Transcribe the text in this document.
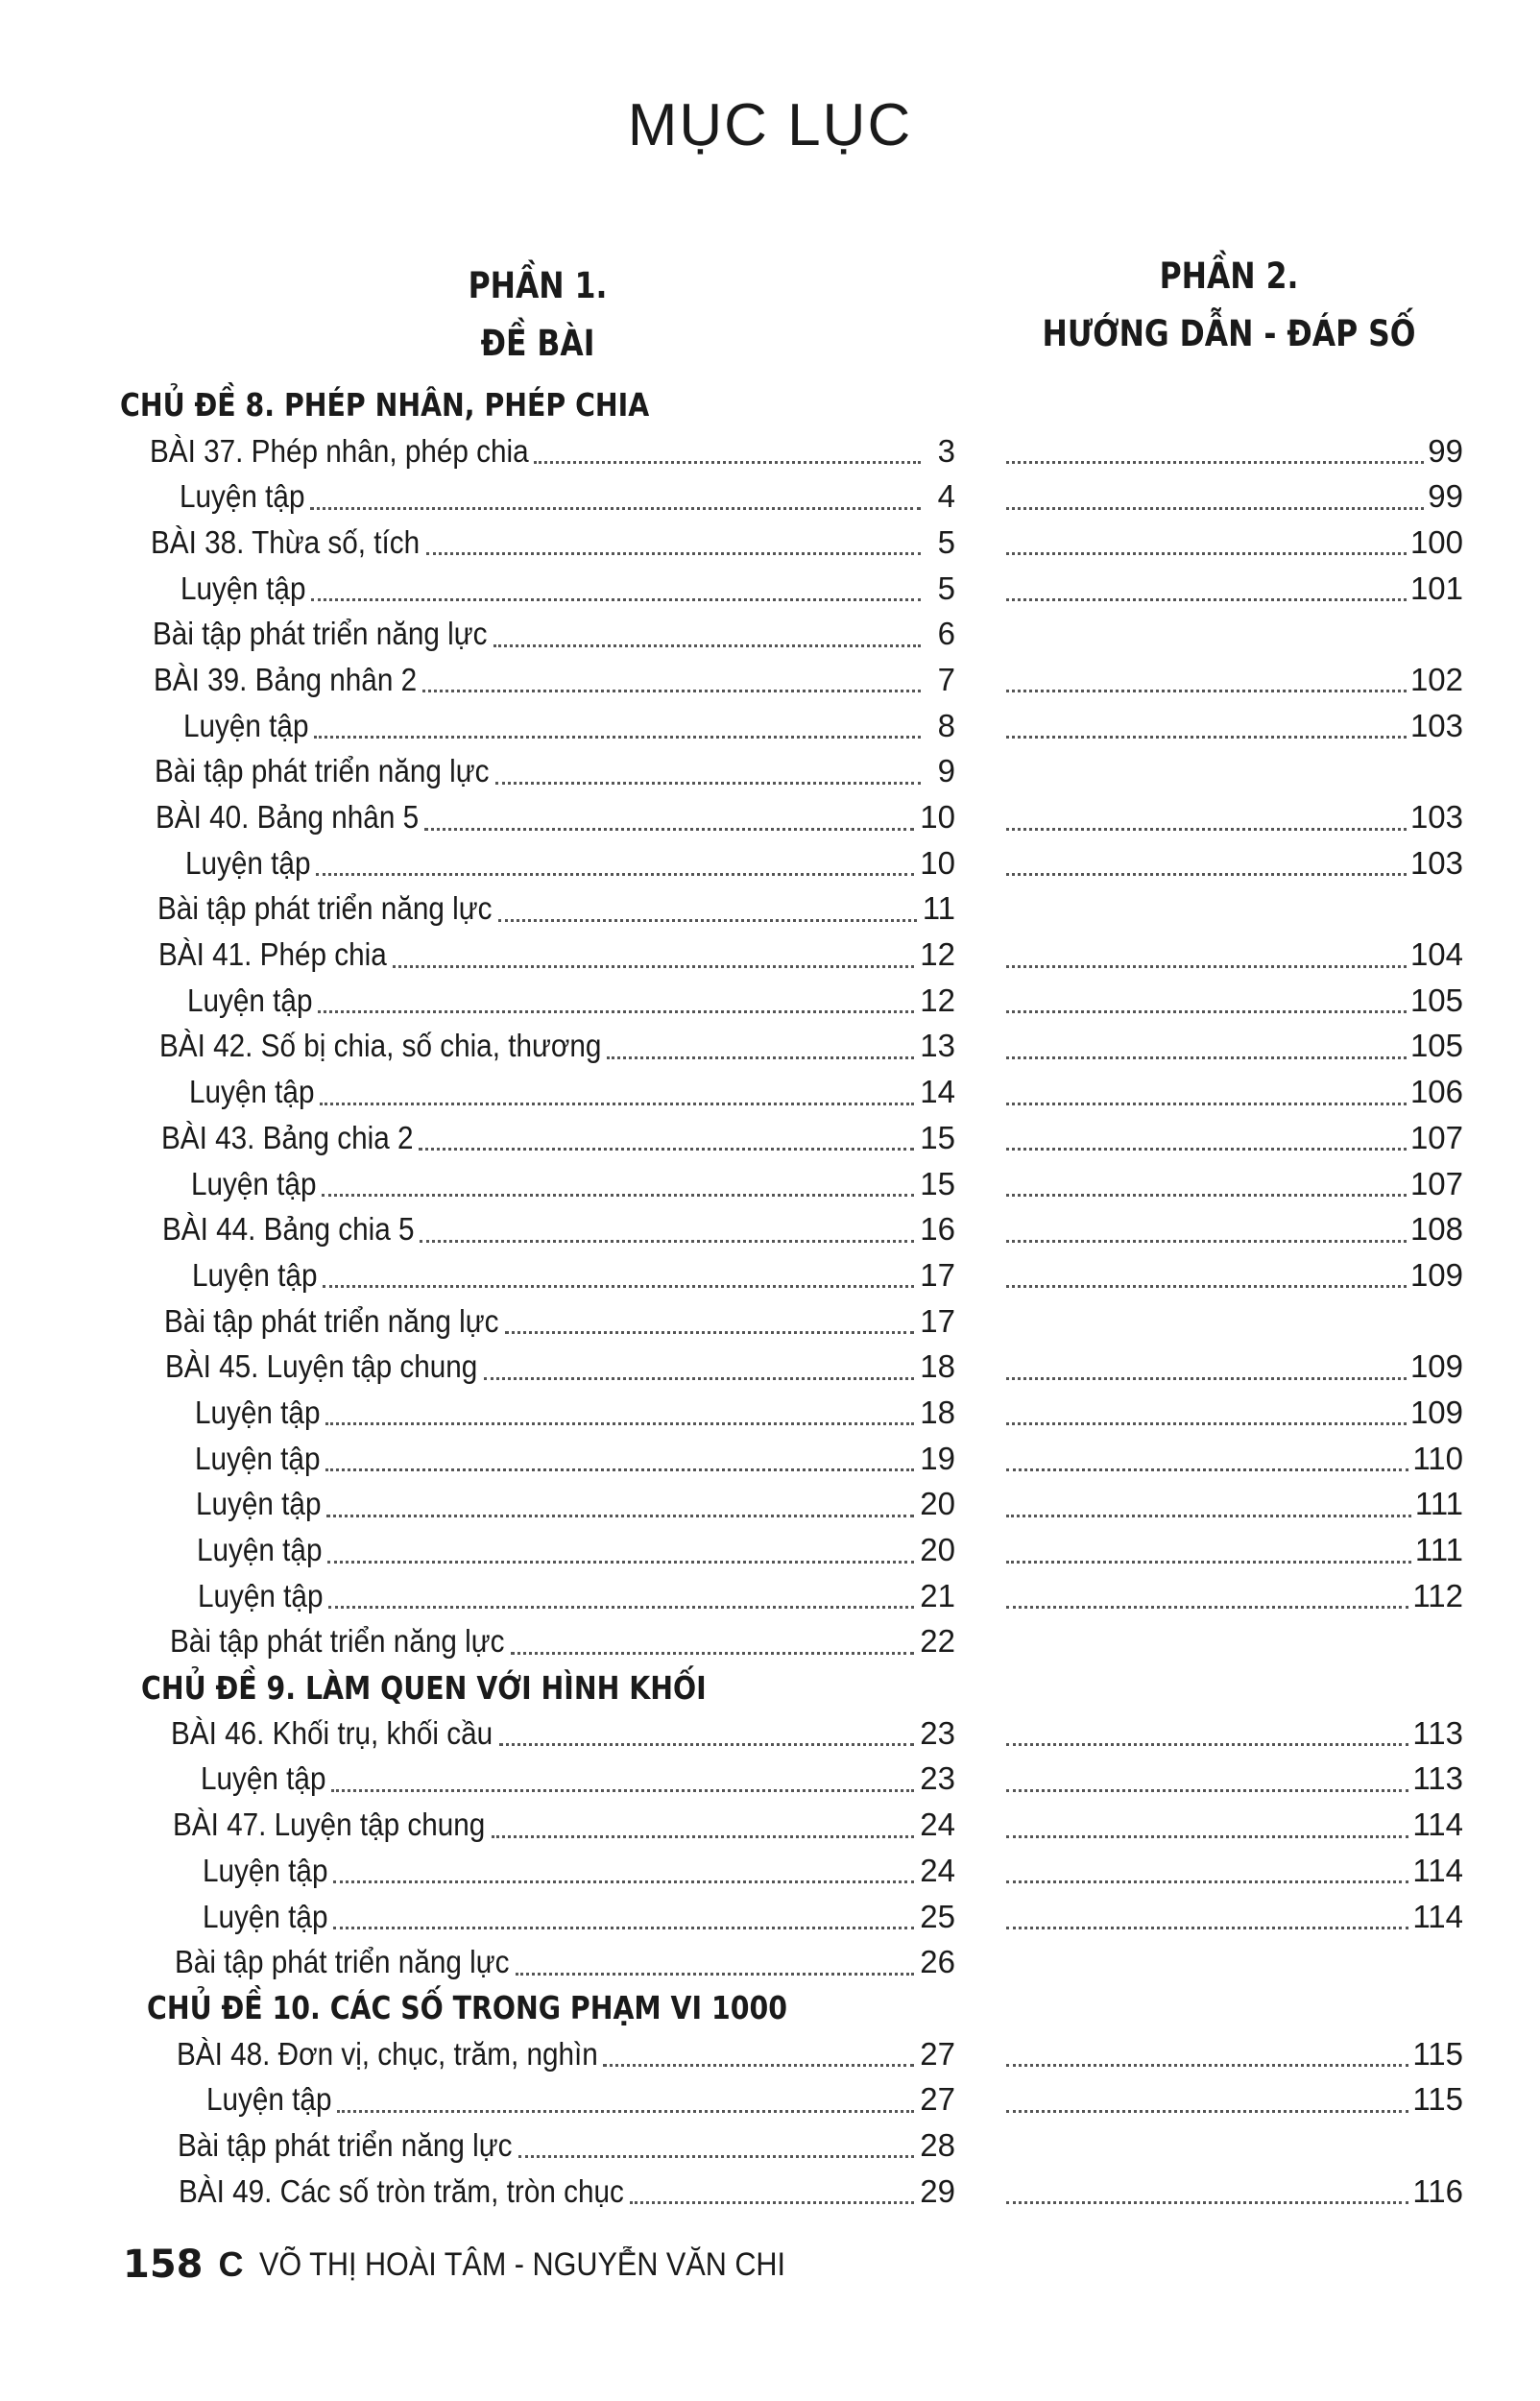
MỤC LỤC
PHẦN 1.
ĐỀ BÀI
PHẦN 2.
HƯỚNG DẪN - ĐÁP SỐ
CHỦ ĐỀ 8. PHÉP NHÂN, PHÉP CHIA
BÀI 37. Phép nhân, phép chia	3	99
Luyện tập	4	99
BÀI 38. Thừa số, tích	5	100
Luyện tập	5	101
Bài tập phát triển năng lực	6
BÀI 39. Bảng nhân 2	7	102
Luyện tập	8	103
Bài tập phát triển năng lực	9
BÀI 40. Bảng nhân 5	10	103
Luyện tập	10	103
Bài tập phát triển năng lực	11
BÀI 41. Phép chia	12	104
Luyện tập	12	105
BÀI 42. Số bị chia, số chia, thương	13	105
Luyện tập	14	106
BÀI 43. Bảng chia 2	15	107
Luyện tập	15	107
BÀI 44. Bảng chia 5	16	108
Luyện tập	17	109
Bài tập phát triển năng lực	17
BÀI 45. Luyện tập chung	18	109
Luyện tập	18	109
Luyện tập	19	110
Luyện tập	20	111
Luyện tập	20	111
Luyện tập	21	112
Bài tập phát triển năng lực	22
CHỦ ĐỀ 9. LÀM QUEN VỚI HÌNH KHỐI
BÀI 46. Khối trụ, khối cầu	23	113
Luyện tập	23	113
BÀI 47. Luyện tập chung	24	114
Luyện tập	24	114
Luyện tập	25	114
Bài tập phát triển năng lực	26
CHỦ ĐỀ 10. CÁC SỐ TRONG PHẠM VI 1000
BÀI 48. Đơn vị, chục, trăm, nghìn	27	115
Luyện tập	27	115
Bài tập phát triển năng lực	28
BÀI 49. Các số tròn trăm, tròn chục	29	116
158 C VÕ THỊ HOÀI TÂM - NGUYỄN VĂN CHI
